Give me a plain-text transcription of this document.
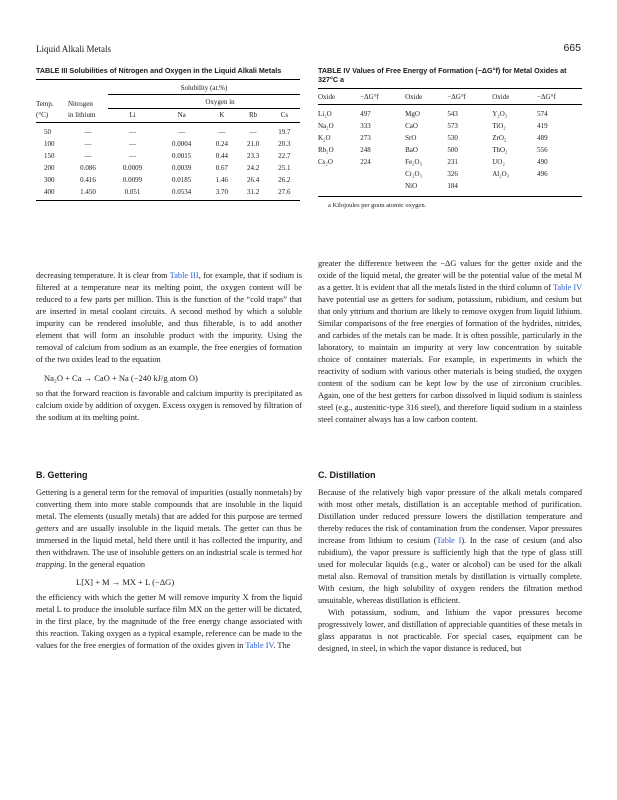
Liquid Alkali Metals	665
TABLE III Solubilities of Nitrogen and Oxygen in the Liquid Alkali Metals
		Solubility (at.%)				
Temp.	Nitrogen	Oxygen in				
(°C)	in lithium	Li	Na	K	Rb	Cs
50	—	—	—	—	—	19.7
100	—	—	0.0004	0.24	21.0	20.3
150	—	—	0.0015	0.44	23.3	22.7
200	0.086	0.0009	0.0039	0.67	24.2	25.1
300	0.416	0.0099	0.0185	1.46	26.4	26.2
400	1.450	0.051	0.0534	3.70	31.2	27.6
TABLE IV Values of Free Energy of Formation (−ΔG°f) for Metal Oxides at 327°C a
Oxide	−ΔG°f	Oxide	−ΔG°f	Oxide	−ΔG°f
Li₂O	497	MgO	543	Y₂O₃	574
Na₂O	333	CaO	573	TiO₂	419
K₂O	273	SrO	530	ZrO₂	489
Rb₂O	248	BaO	500	ThO₂	556
Cs₂O	224	Fe₂O₃	231	UO₂	490
		Cr₂O₃	326	Al₂O₃	496
		NiO	184		
a Kilojoules per gram atomic oxygen.

decreasing temperature. It is clear from Table III, for example, that if sodium is filtered at a temperature near its melting point, the oxygen content will be reduced to a few parts per million. This is the function of the “cold traps” that are inserted in metal coolant circuits. A second method by which a soluble impurity can be rendered insoluble, and thus filterable, is to add another element that will form an insoluble product with the impurity. Using the removal of calcium from sodium as an example, the free energies of formation of the two oxides lead to the equation

Na₂O + Ca → CaO + Na (−240 kJ/g atom O)

so that the forward reaction is favorable and calcium impurity is precipitated as calcium oxide by addition of oxygen. Excess oxygen is removed by filtration of the sodium at its melting point.

B. Gettering

Gettering is a general term for the removal of impurities (usually nonmetals) by converting them into more stable compounds that are insoluble in the liquid metal. The elements (usually metals) that are added for this purpose are termed getters and are usually insoluble in the liquid metals. The getter can thus be immersed in the liquid metal, held there until it has collected the impurity, and then withdrawn. The use of insoluble getters on an industrial scale is termed hot trapping. In the general equation

L[X] + M → MX + L (−ΔG)

the efficiency with which the getter M will remove impurity X from the liquid metal L to produce the insoluble surface film MX on the getter will be dictated, in the first place, by the magnitude of the free energy change associated with this reaction. Taking oxygen as a typical example, reference can be made to the values for the free energies of formation of the oxides given in Table IV. The

greater the difference between the −ΔG values for the getter oxide and the oxide of the liquid metal, the greater will be the potential value of the metal M as a getter. It is evident that all the metals listed in the third column of Table IV have potential use as getters for sodium, potassium, rubidium, and cesium but that only yttrium and thorium are likely to remove oxygen from liquid lithium. Similar comparisons of the free energies of formation of the hydrides, nitrides, and carbides of the metals can be made. It is often possible, particularly in the laboratory, to maintain an impurity at very low concentration by suitable choice of container materials. For example, in experiments in which the reactivity of sodium with various other materials is being studied, the oxygen content of the sodium can be kept low by the use of zirconium crucibles. Again, one of the best getters for carbon dissolved in liquid sodium is stainless steel (e.g., austenitic-type 316 steel), and therefore liquid sodium in a stainless steel container always has a low carbon content.

C. Distillation

Because of the relatively high vapor pressure of the alkali metals compared with most other metals, distillation is an acceptable method of purification. Distillation under reduced pressure lowers the distillation temperature and thereby reduces the risk of contamination from the condenser. Vapor pressures increase from lithium to cesium (Table I). In the case of cesium (and also rubidium), the vapor pressure is sufficiently high that the type of glass still used for molecular liquids (e.g., water or alcohol) can be used for the alkali metal also. Removal of transition metals by distillation is virtually complete. With cesium, the high solubility of oxygen renders the filtration method unsuitable, whereas distillation is efficient.

With potassium, sodium, and lithium the vapor pressures become progressively lower, and distillation of appreciable quantities of these metals in glass apparatus is not practicable. For special cases, equipment can be designed, in steel, in which the vapor distance is reduced, but
